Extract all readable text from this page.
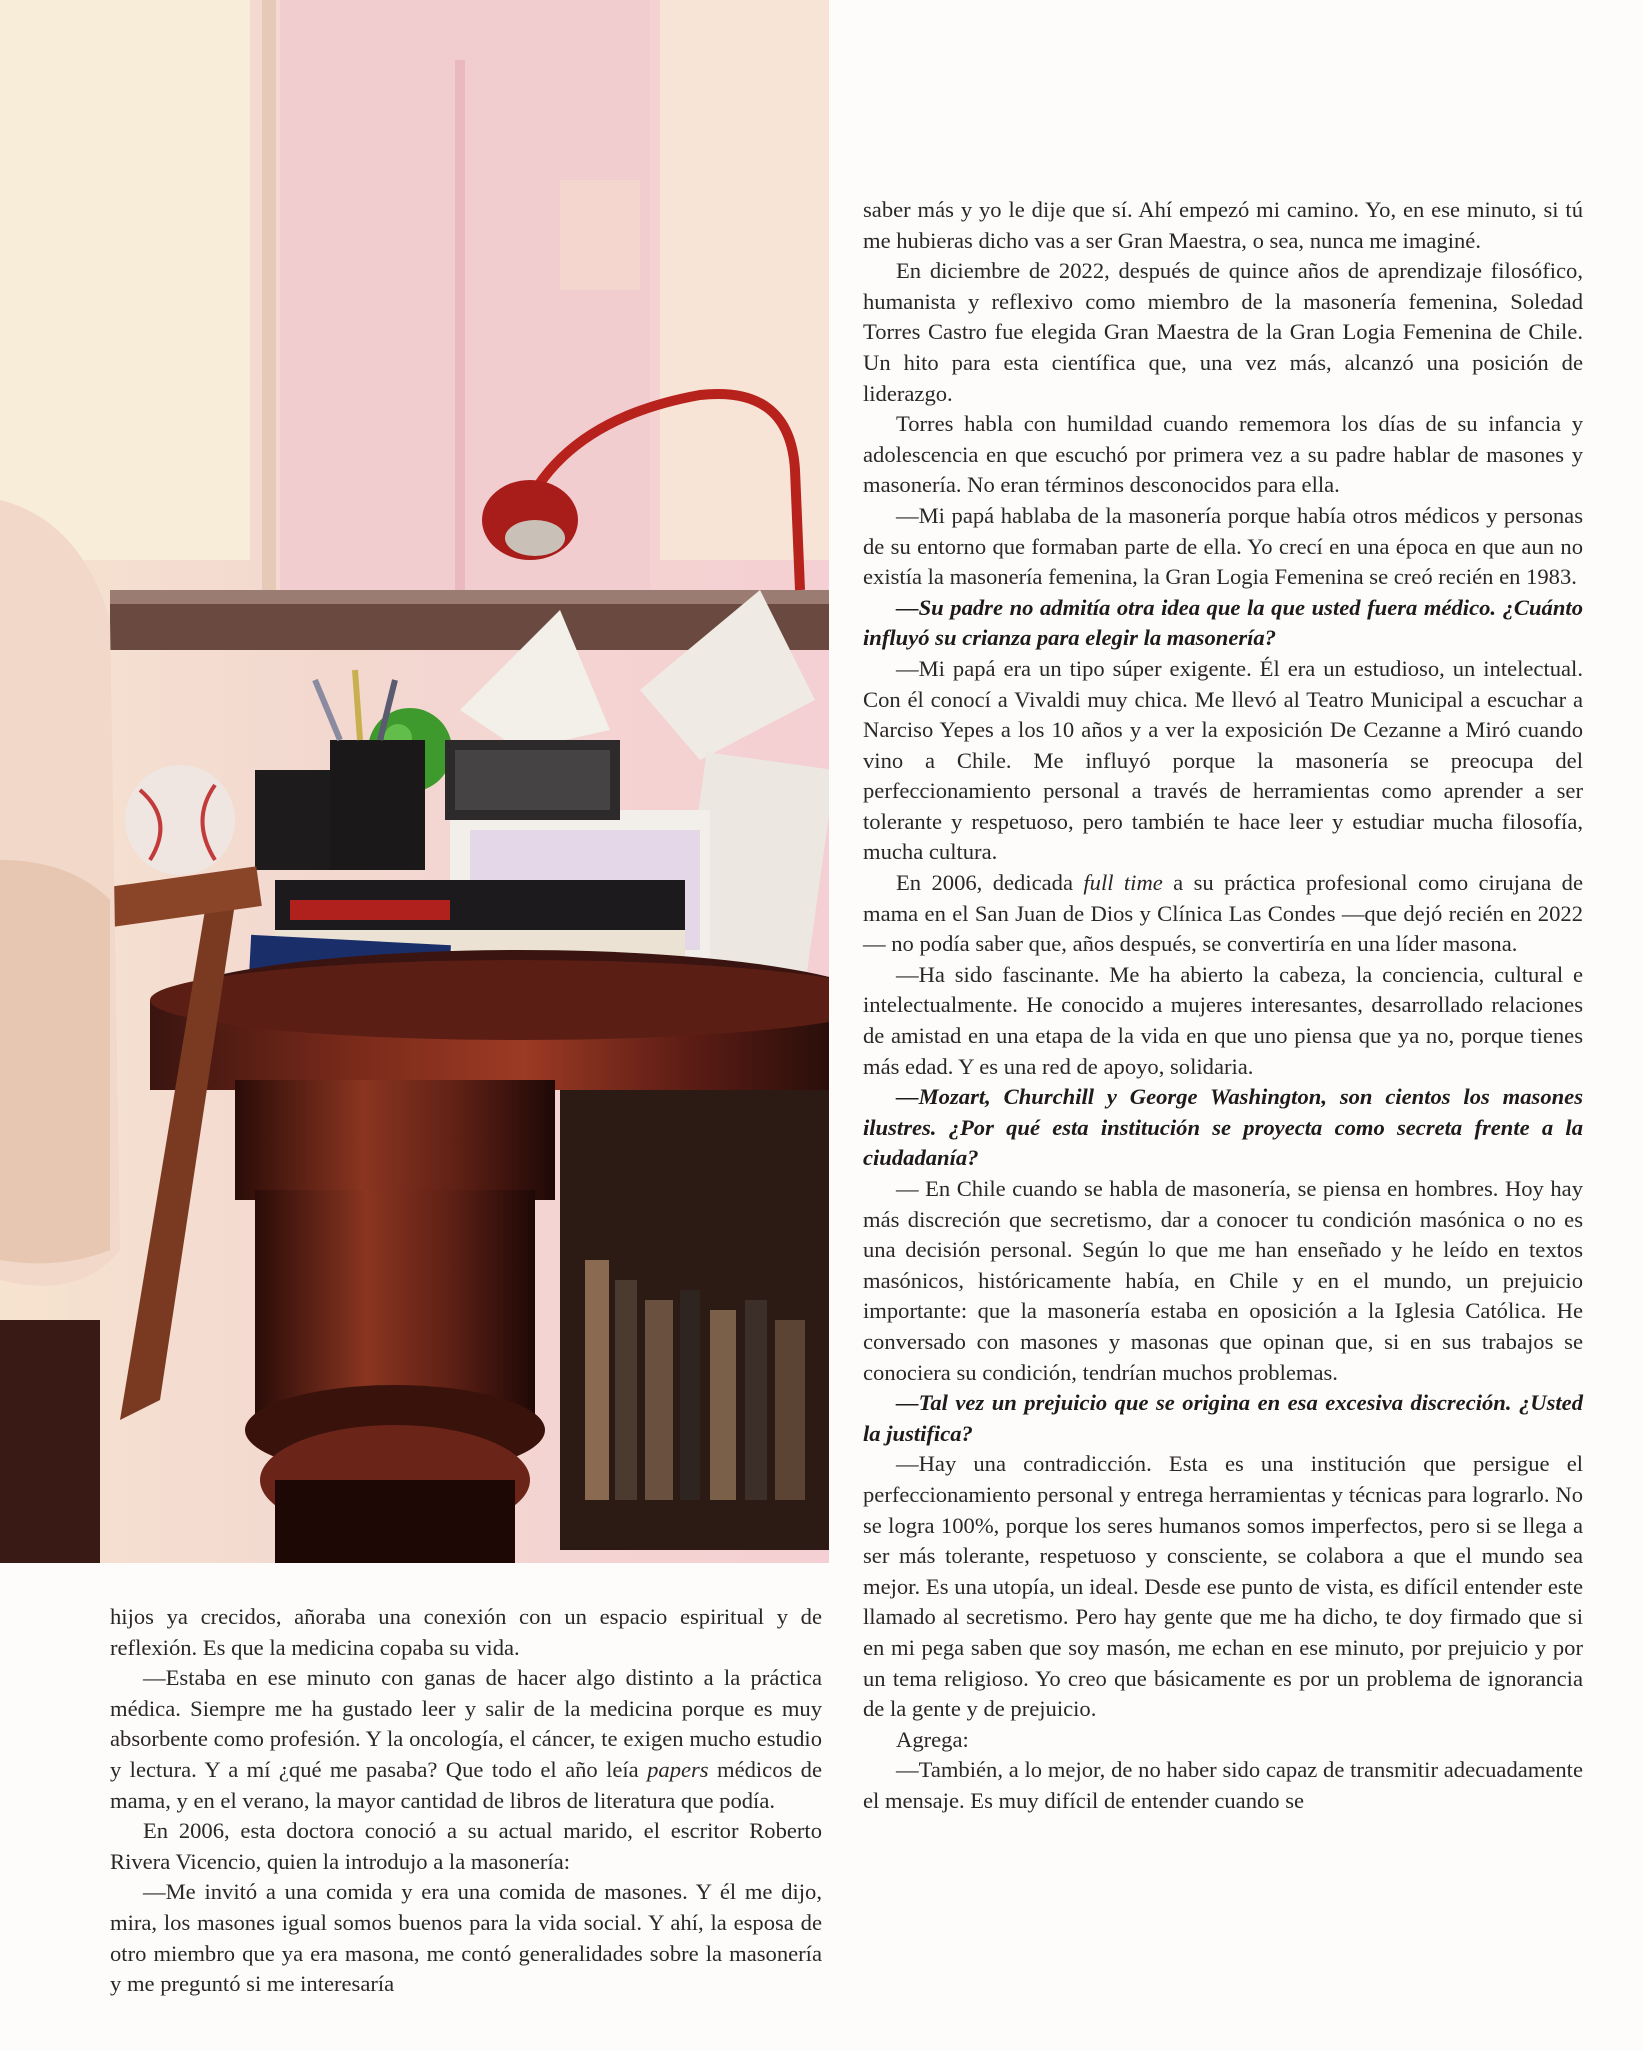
saber más y yo le dije que sí. Ahí empezó mi camino. Yo, en ese minuto, si tú me hubieras dicho vas a ser Gran Maestra, o sea, nunca me imaginé.

En diciembre de 2022, después de quince años de aprendizaje filosófico, humanista y reflexivo como miembro de la masonería femenina, Soledad Torres Castro fue elegida Gran Maestra de la Gran Logia Femenina de Chile. Un hito para esta científica que, una vez más, alcanzó una posición de liderazgo.

Torres habla con humildad cuando rememora los días de su infancia y adolescencia en que escuchó por primera vez a su padre hablar de masones y masonería. No eran términos desconocidos para ella.

—Mi papá hablaba de la masonería porque había otros médicos y personas de su entorno que formaban parte de ella. Yo crecí en una época en que aun no existía la masonería femenina, la Gran Logia Femenina se creó recién en 1983.

—Su padre no admitía otra idea que la que usted fuera médico. ¿Cuánto influyó su crianza para elegir la masonería?

—Mi papá era un tipo súper exigente. Él era un estudioso, un intelectual. Con él conocí a Vivaldi muy chica. Me llevó al Teatro Municipal a escuchar a Narciso Yepes a los 10 años y a ver la exposición De Cezanne a Miró cuando vino a Chile. Me influyó porque la masonería se preocupa del perfeccionamiento personal a través de herramientas como aprender a ser tolerante y respetuoso, pero también te hace leer y estudiar mucha filosofía, mucha cultura.

En 2006, dedicada full time a su práctica profesional como cirujana de mama en el San Juan de Dios y Clínica Las Condes —que dejó recién en 2022— no podía saber que, años después, se convertiría en una líder masona.

—Ha sido fascinante. Me ha abierto la cabeza, la conciencia, cultural e intelectualmente. He conocido a mujeres interesantes, desarrollado relaciones de amistad en una etapa de la vida en que uno piensa que ya no, porque tienes más edad. Y es una red de apoyo, solidaria.

—Mozart, Churchill y George Washington, son cientos los masones ilustres. ¿Por qué esta institución se proyecta como secreta frente a la ciudadanía?

— En Chile cuando se habla de masonería, se piensa en hombres. Hoy hay más discreción que secretismo, dar a conocer tu condición masónica o no es una decisión personal. Según lo que me han enseñado y he leído en textos masónicos, históricamente había, en Chile y en el mundo, un prejuicio importante: que la masonería estaba en oposición a la Iglesia Católica. He conversado con masones y masonas que opinan que, si en sus trabajos se conociera su condición, tendrían muchos problemas.

—Tal vez un prejuicio que se origina en esa excesiva discreción. ¿Usted la justifica?

—Hay una contradicción. Esta es una institución que persigue el perfeccionamiento personal y entrega herramientas y técnicas para lograrlo. No se logra 100%, porque los seres humanos somos imperfectos, pero si se llega a ser más tolerante, respetuoso y consciente, se colabora a que el mundo sea mejor. Es una utopía, un ideal. Desde ese punto de vista, es difícil entender este llamado al secretismo. Pero hay gente que me ha dicho, te doy firmado que si en mi pega saben que soy masón, me echan en ese minuto, por prejuicio y por un tema religioso. Yo creo que básicamente es por un problema de ignorancia de la gente y de prejuicio.

Agrega:

—También, a lo mejor, de no haber sido capaz de transmitir adecuadamente el mensaje. Es muy difícil de entender cuando se

hijos ya crecidos, añoraba una conexión con un espacio espiritual y de reflexión. Es que la medicina copaba su vida.

—Estaba en ese minuto con ganas de hacer algo distinto a la práctica médica. Siempre me ha gustado leer y salir de la medicina porque es muy absorbente como profesión. Y la oncología, el cáncer, te exigen mucho estudio y lectura. Y a mí ¿qué me pasaba? Que todo el año leía papers médicos de mama, y en el verano, la mayor cantidad de libros de literatura que podía.

En 2006, esta doctora conoció a su actual marido, el escritor Roberto Rivera Vicencio, quien la introdujo a la masonería:

—Me invitó a una comida y era una comida de masones. Y él me dijo, mira, los masones igual somos buenos para la vida social. Y ahí, la esposa de otro miembro que ya era masona, me contó generalidades sobre la masonería y me preguntó si me interesaría
